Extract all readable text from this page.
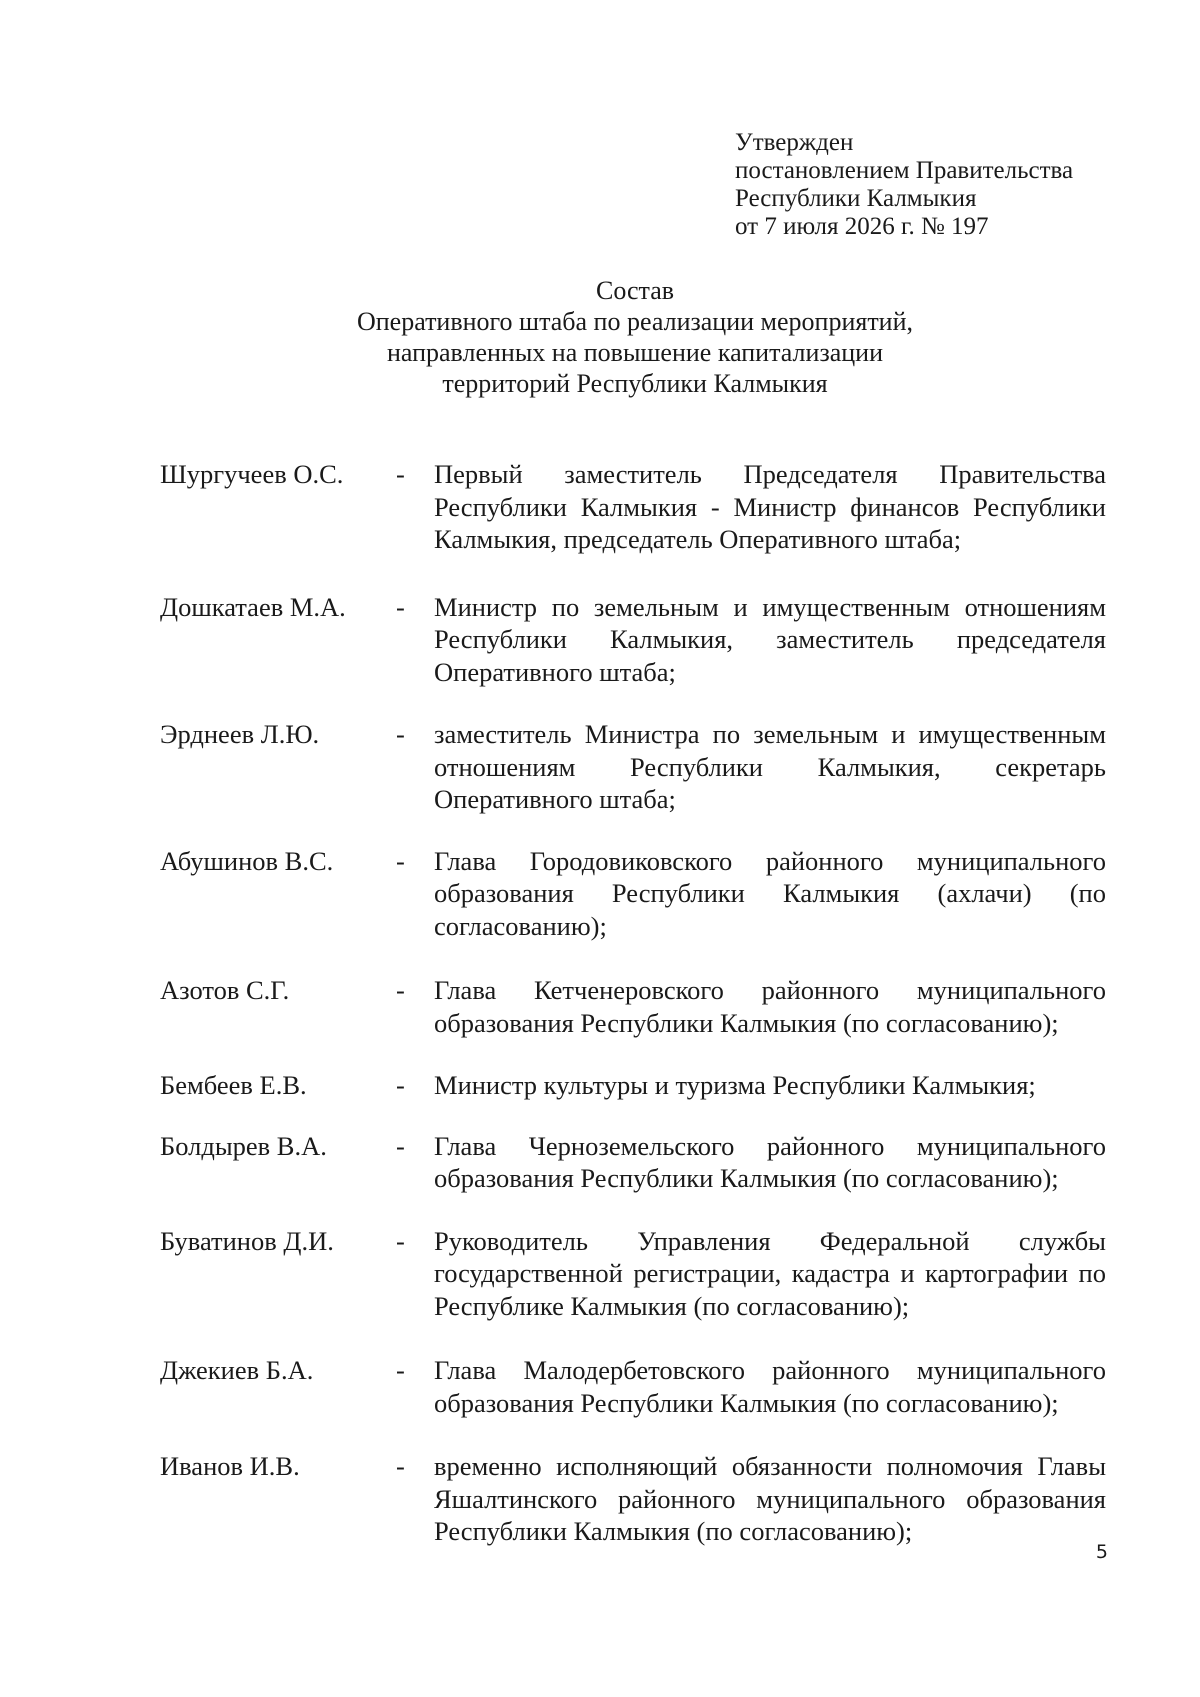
Утвержден
постановлением Правительства
Республики Калмыкия
от 7 июля 2026 г. № 197
Состав
Оперативного штаба по реализации мероприятий,
направленных на повышение капитализации
территорий Республики Калмыкия
Шургучеев О.С. - Первый заместитель Председателя Правительства Республики Калмыкия - Министр финансов Республики Калмыкия, председатель Оперативного штаба;
Дошкатаев М.А. - Министр по земельным и имущественным отношениям Республики Калмыкия, заместитель председателя Оперативного штаба;
Эрднеев Л.Ю.	- заместитель Министра по земельным и имущественным отношениям Республики Калмыкия, секретарь Оперативного штаба;
Абушинов В.С. - Глава Городовиковского районного муниципального образования Республики Калмыкия (ахлачи) (по согласованию);
Азотов С.Г.	- Глава Кетченеровского районного муниципального образования Республики Калмыкия (по согласованию);
Бембеев Е.В.	- Министр культуры и туризма Республики Калмыкия;
Болдырев В.А.	- Глава Черноземельского районного муниципального образования Республики Калмыкия (по согласованию);
Буватинов Д.И. - Руководитель Управления Федеральной службы государственной регистрации, кадастра и картографии по Республике Калмыкия (по согласованию);
Джекиев Б.А.	- Глава Малодербетовского районного муниципального образования Республики Калмыкия (по согласованию);
Иванов И.В.	- временно исполняющий обязанности полномочия Главы Яшалтинского районного муниципального образования Республики Калмыкия (по согласованию);
5
